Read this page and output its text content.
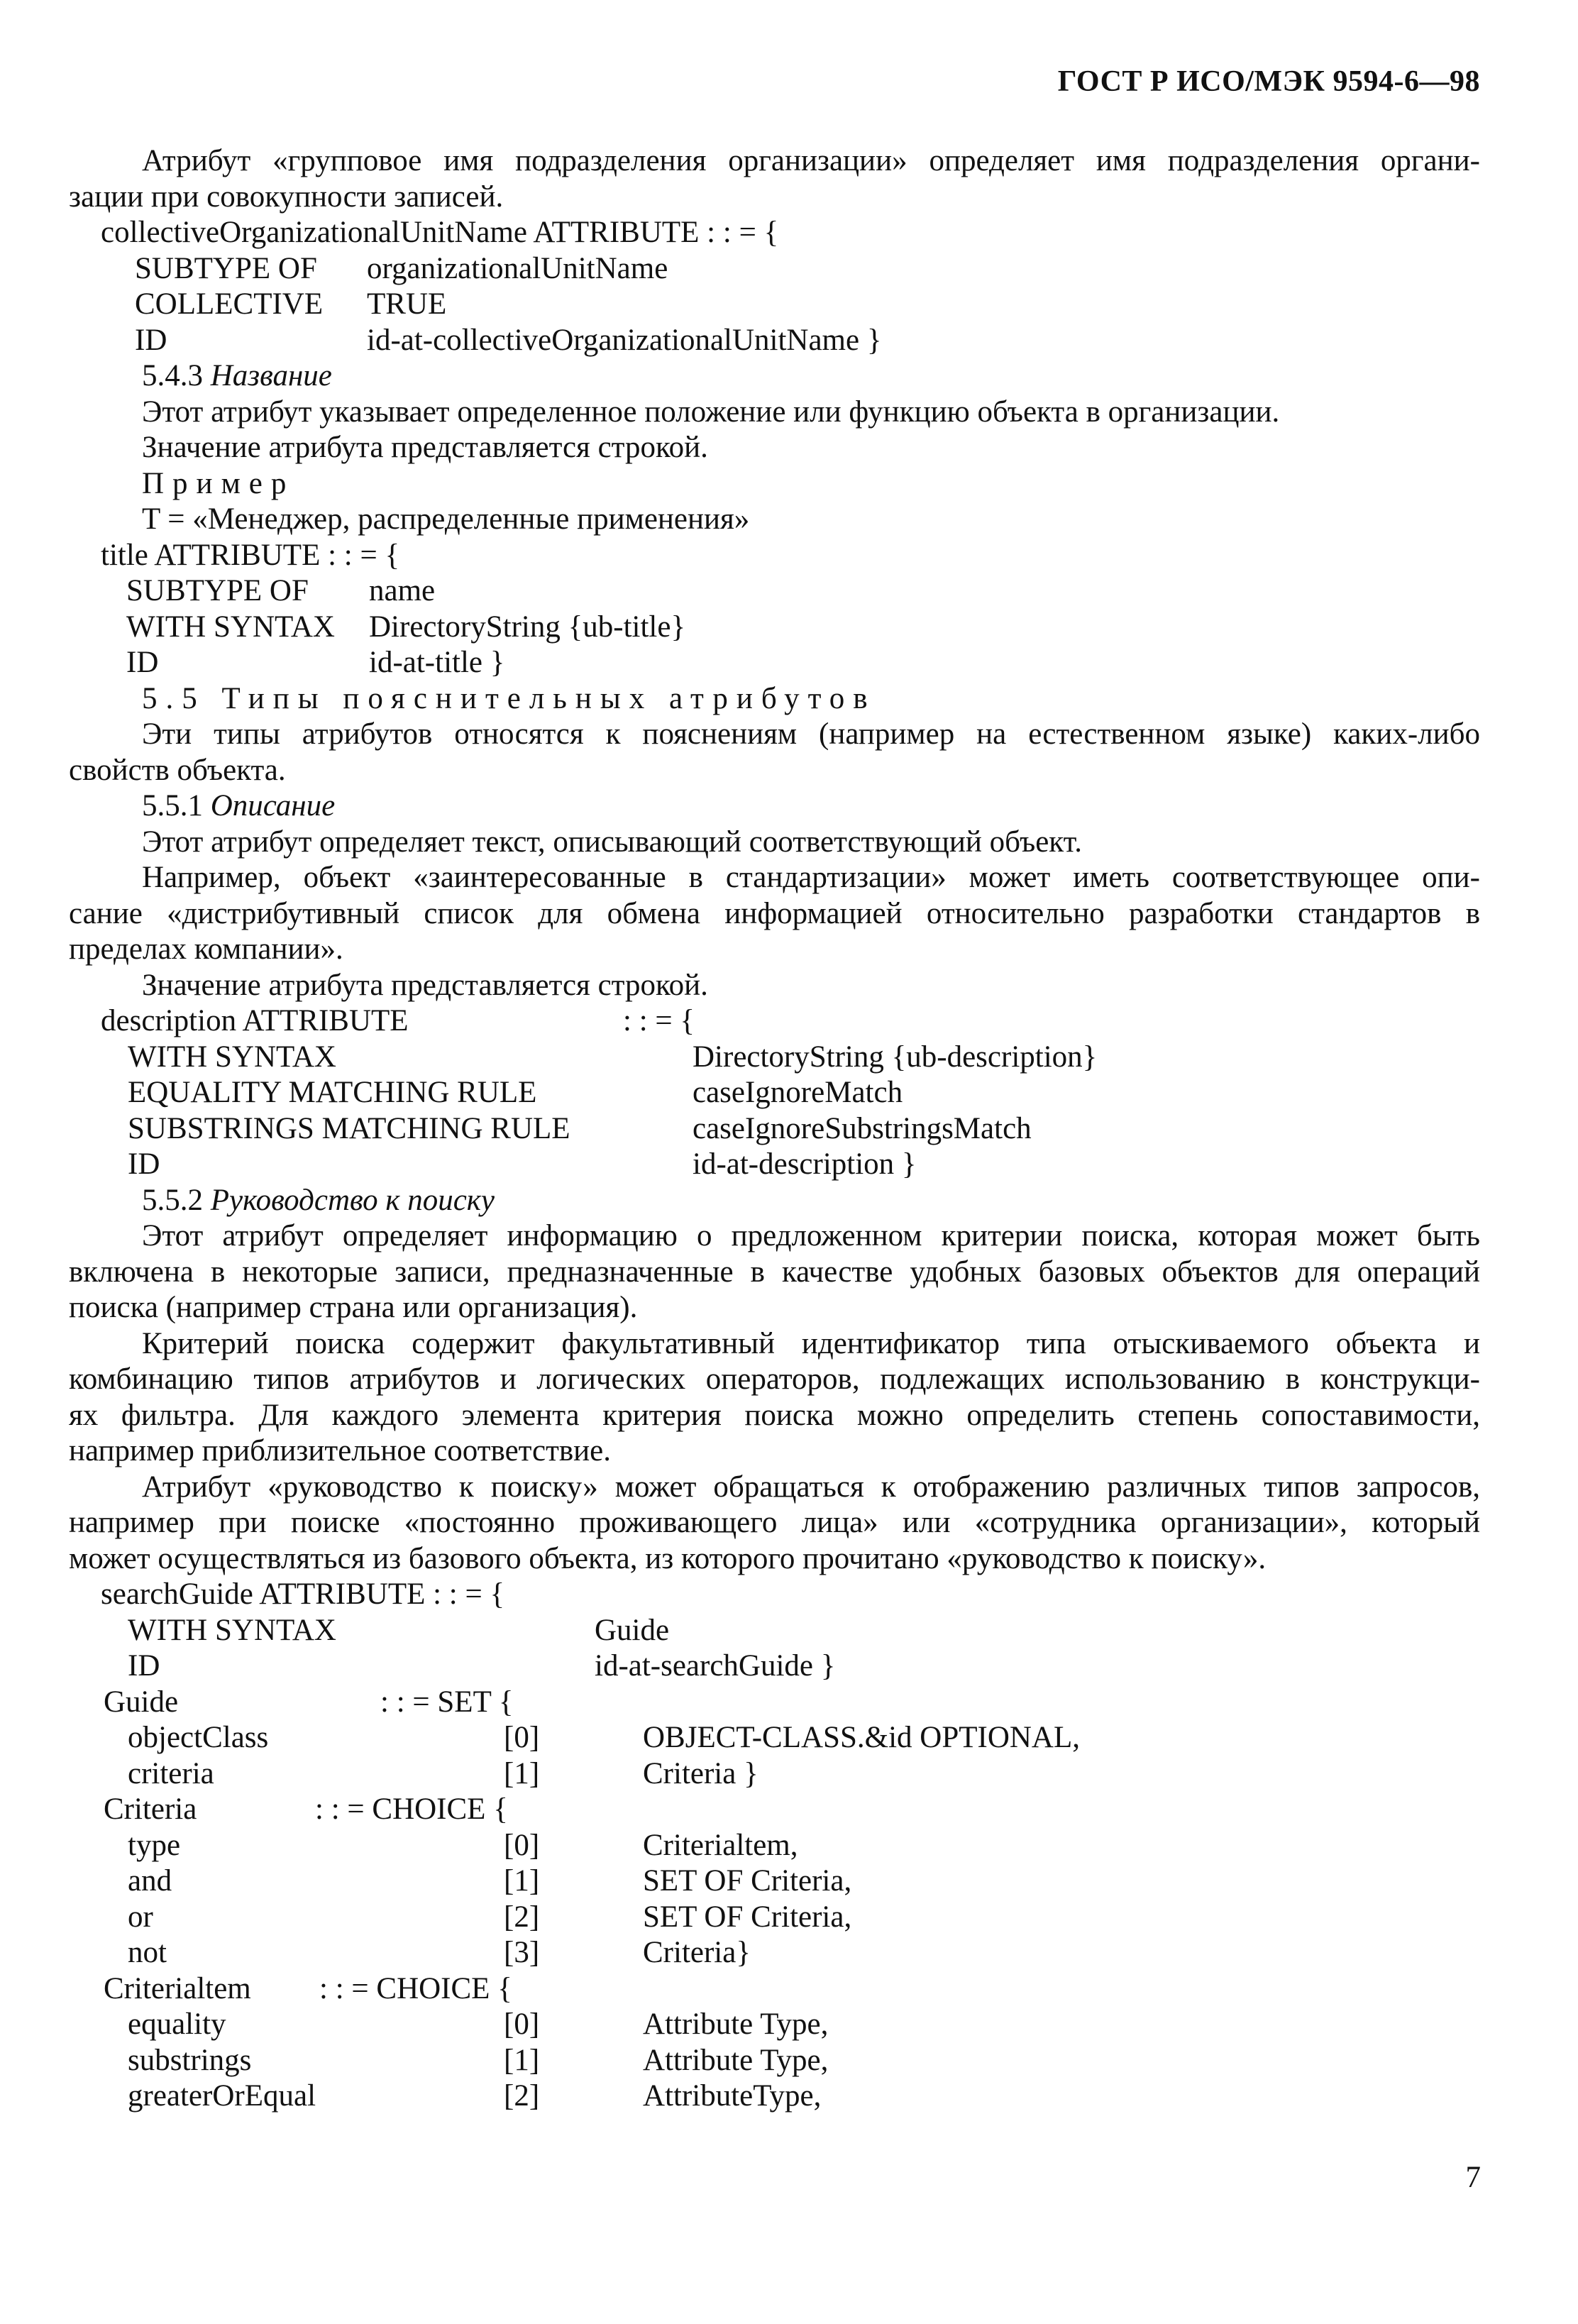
ГОСТ Р ИСО/МЭК 9594-6—98
Атрибут «групповое имя подразделения организации» определяет имя подразделения органи-
зации при совокупности записей.
collectiveOrganizationalUnitName ATTRIBUTE : : = {
SUBTYPE OF organizationalUnitName
COLLECTIVE TRUE
ID	id-at-collectiveOrganizationalUnitName }
5.4.3 Название
Этот атрибут указывает определенное положение или функцию объекта в организации.
Значение атрибута представляется строкой.
Пример
T = «Менеджер, распределенные применения»
title ATTRIBUTE : : = {
SUBTYPE OF name
WITH SYNTAX DirectoryString {ub-title}
ID	id-at-title }
5.5 Типы пояснительных атрибутов
Эти типы атрибутов относятся к пояснениям (например на естественном языке) каких-либо
свойств объекта.
5.5.1 Описание
Этот атрибут определяет текст, описывающий соответствующий объект.
Например, объект «заинтересованные в стандартизации» может иметь соответствующее опи-
сание «дистрибутивный список для обмена информацией относительно разработки стандартов в
пределах компании».
Значение атрибута представляется строкой.
description ATTRIBUTE	: : = {
WITH SYNTAX	DirectoryString {ub-description}
EQUALITY MATCHING RULE	caseIgnoreMatch
SUBSTRINGS MATCHING RULE	caseIgnoreSubstringsMatch
ID	id-at-description }
5.5.2 Руководство к поиску
Этот атрибут определяет информацию о предложенном критерии поиска, которая может быть
включена в некоторые записи, предназначенные в качестве удобных базовых объектов для операций
поиска (например страна или организация).
Критерий поиска содержит факультативный идентификатор типа отыскиваемого объекта и
комбинацию типов атрибутов и логических операторов, подлежащих использованию в конструкци-
ях фильтра. Для каждого элемента критерия поиска можно определить степень сопоставимости,
например приблизительное соответствие.
Атрибут «руководство к поиску» может обращаться к отображению различных типов запросов,
например при поиске «постоянно проживающего лица» или «сотрудника организации», который
может осуществляться из базового объекта, из которого прочитано «руководство к поиску».
searchGuide ATTRIBUTE : : = {
WITH SYNTAX	Guide
ID	id-at-searchGuide }
Guide	: : = SET {
objectClass	[0]	OBJECT-CLASS.&id OPTIONAL,
criteria	[1]	Criteria }
Criteria	: : = CHOICE {
type	[0]	Criterialtem,
and	[1]	SET OF Criteria,
or	[2]	SET OF Criteria,
not	[3]	Criteria}
Criterialtem : : = CHOICE {
equality	[0]	Attribute Type,
substrings	[1]	Attribute Type,
greaterOrEqual	[2]	AttributeType,
7
